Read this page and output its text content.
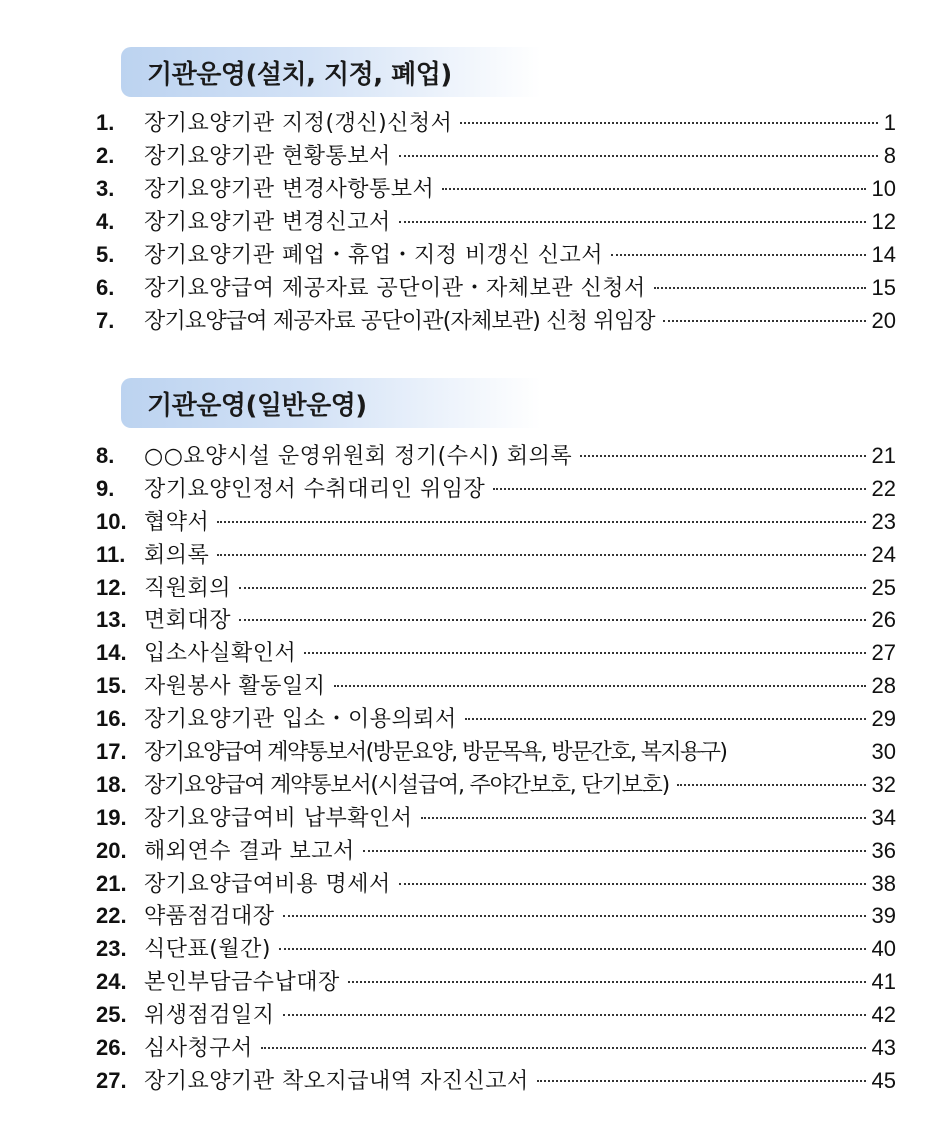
기관운영(설치, 지정, 폐업)
1.	장기요양기관 지정(갱신)신청서	1
2.	장기요양기관 현황통보서	8
3.	장기요양기관 변경사항통보서	10
4.	장기요양기관 변경신고서	12
5.	장기요양기관 폐업・휴업・지정 비갱신 신고서	14
6.	장기요양급여 제공자료 공단이관・자체보관 신청서	15
7.	장기요양급여 제공자료 공단이관(자체보관) 신청 위임장	20
기관운영(일반운영)
8.	○○요양시설 운영위원회 정기(수시) 회의록	21
9.	장기요양인정서 수취대리인 위임장	22
10. 협약서	23
11. 회의록	24
12. 직원회의	25
13. 면회대장	26
14. 입소사실확인서	27
15. 자원봉사 활동일지	28
16. 장기요양기관 입소・이용의뢰서	29
17. 장기요양급여 계약통보서(방문요양, 방문목욕, 방문간호, 복지용구)	30
18. 장기요양급여 계약통보서(시설급여, 주야간보호, 단기보호)	32
19. 장기요양급여비 납부확인서	34
20. 해외연수 결과 보고서	36
21. 장기요양급여비용 명세서	38
22. 약품점검대장	39
23. 식단표(월간)	40
24. 본인부담금수납대장	41
25. 위생점검일지	42
26. 심사청구서	43
27. 장기요양기관 착오지급내역 자진신고서	45
